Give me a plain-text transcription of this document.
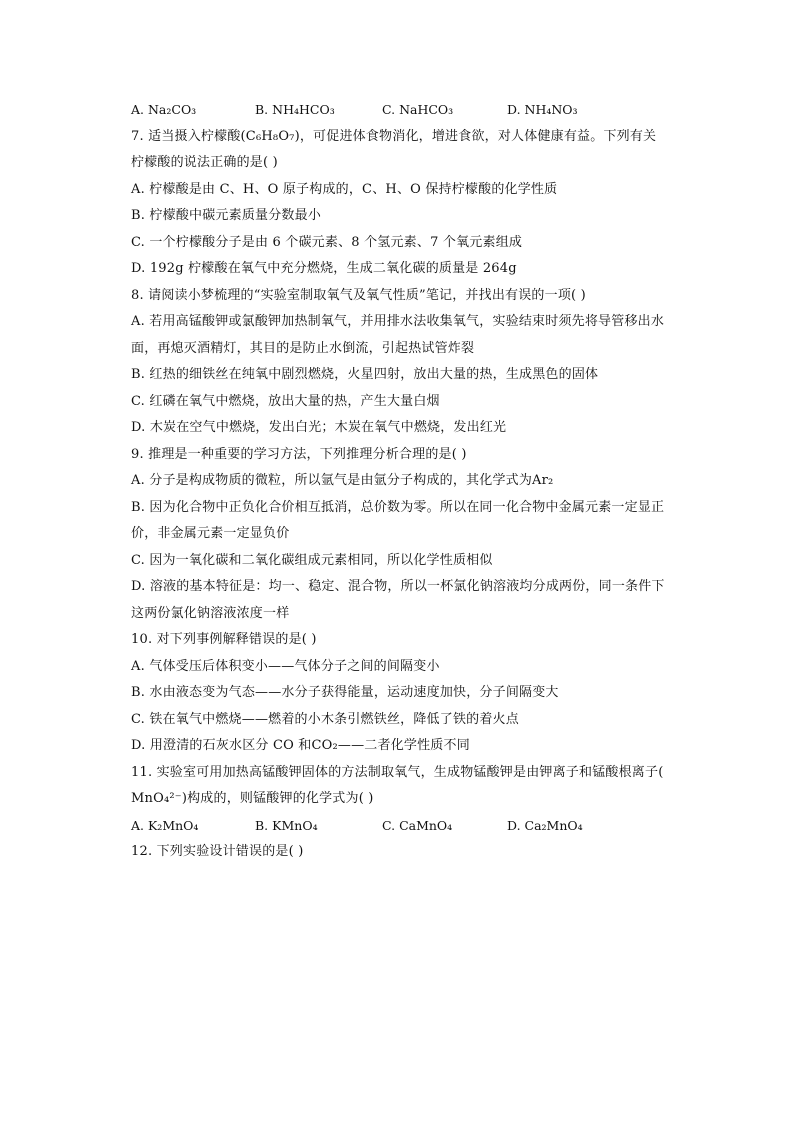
A. Na₂CO₃	B. NH₄HCO₃	C. NaHCO₃	D. NH₄NO₃
7. 适当摄入柠檬酸(C₆H₈O₇)，可促进体食物消化，增进食欲，对人体健康有益。下列有关
柠檬酸的说法正确的是( )
A. 柠檬酸是由 C、H、O 原子构成的，C、H、O 保持柠檬酸的化学性质
B. 柠檬酸中碳元素质量分数最小
C. 一个柠檬酸分子是由 6 个碳元素、8 个氢元素、7 个氧元素组成
D. 192g 柠檬酸在氧气中充分燃烧，生成二氧化碳的质量是 264g
8. 请阅读小梦梳理的“实验室制取氧气及氧气性质”笔记，并找出有误的一项( )
A. 若用高锰酸钾或氯酸钾加热制氧气，并用排水法收集氧气，实验结束时须先将导管移出水
面，再熄灭酒精灯，其目的是防止水倒流，引起热试管炸裂
B. 红热的细铁丝在纯氧中剧烈燃烧，火星四射，放出大量的热，生成黑色的固体
C. 红磷在氧气中燃烧，放出大量的热，产生大量白烟
D. 木炭在空气中燃烧，发出白光；木炭在氧气中燃烧，发出红光
9. 推理是一种重要的学习方法，下列推理分析合理的是( )
A. 分子是构成物质的微粒，所以氩气是由氩分子构成的，其化学式为Ar₂
B. 因为化合物中正负化合价相互抵消，总价数为零。所以在同一化合物中金属元素一定显正
价，非金属元素一定显负价
C. 因为一氧化碳和二氧化碳组成元素相同，所以化学性质相似
D. 溶液的基本特征是：均一、稳定、混合物，所以一杯氯化钠溶液均分成两份，同一条件下
这两份氯化钠溶液浓度一样
10. 对下列事例解释错误的是( )
A. 气体受压后体积变小——气体分子之间的间隔变小
B. 水由液态变为气态——水分子获得能量，运动速度加快，分子间隔变大
C. 铁在氧气中燃烧——燃着的小木条引燃铁丝，降低了铁的着火点
D. 用澄清的石灰水区分 CO 和CO₂——二者化学性质不同
11. 实验室可用加热高锰酸钾固体的方法制取氧气，生成物锰酸钾是由钾离子和锰酸根离子(
MnO₄²⁻)构成的，则锰酸钾的化学式为( )
A. K₂MnO₄	B. KMnO₄	C. CaMnO₄	D. Ca₂MnO₄
12. 下列实验设计错误的是( )
